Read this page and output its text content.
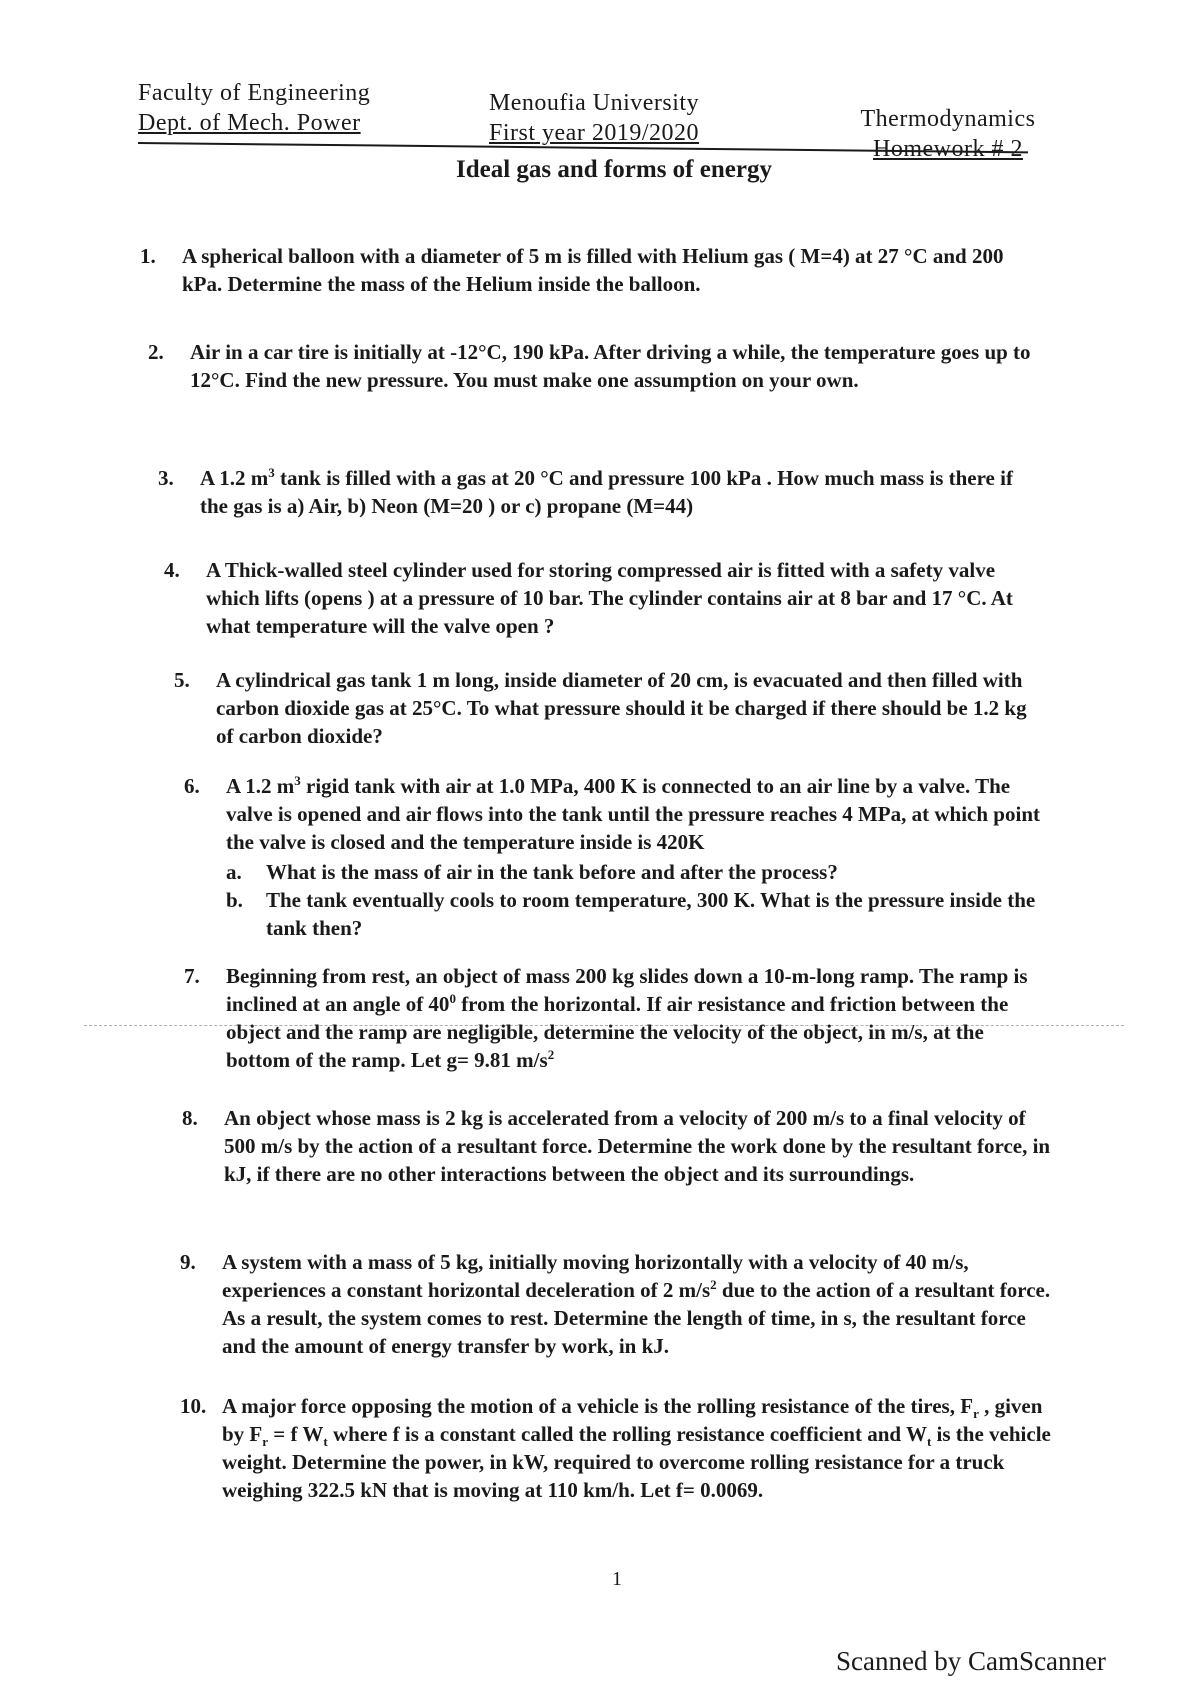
Faculty of Engineering
Dept. of Mech. Power
Menoufia University
First year 2019/2020
Thermodynamics
Homework # 2
Ideal gas and forms of energy
1. A spherical balloon with a diameter of 5 m is filled with Helium gas ( M=4) at 27 °C and 200 kPa. Determine the mass of the Helium inside the balloon.
2. Air in a car tire is initially at -12°C, 190 kPa. After driving a while, the temperature goes up to 12°C. Find the new pressure. You must make one assumption on your own.
3. A 1.2 $m^3$ tank is filled with a gas at 20 °C and pressure 100 kPa . How much mass is there if the gas is a) Air, b) Neon (M=20 ) or c) propane (M=44)
4. A Thick-walled steel cylinder used for storing compressed air is fitted with a safety valve which lifts (opens ) at a pressure of 10 bar. The cylinder contains air at 8 bar and 17 °C. At what temperature will the valve open ?
5. A cylindrical gas tank 1 m long, inside diameter of 20 cm, is evacuated and then filled with carbon dioxide gas at 25°C. To what pressure should it be charged if there should be 1.2 kg of carbon dioxide?
6. A 1.2 $m^3$ rigid tank with air at 1.0 MPa, 400 K is connected to an air line by a valve. The valve is opened and air flows into the tank until the pressure reaches 4 MPa, at which point the valve is closed and the temperature inside is 420K
a. What is the mass of air in the tank before and after the process?
b. The tank eventually cools to room temperature, 300 K. What is the pressure inside the tank then?
7. Beginning from rest, an object of mass 200 kg slides down a 10-m-long ramp. The ramp is inclined at an angle of $40^0$ from the horizontal. If air resistance and friction between the object and the ramp are negligible, determine the velocity of the object, in m/s, at the bottom of the ramp. Let g= 9.81 $m/s^2$
8. An object whose mass is 2 kg is accelerated from a velocity of 200 m/s to a final velocity of 500 m/s by the action of a resultant force. Determine the work done by the resultant force, in kJ, if there are no other interactions between the object and its surroundings.
9. A system with a mass of 5 kg, initially moving horizontally with a velocity of 40 m/s, experiences a constant horizontal deceleration of 2 $m/s^2$ due to the action of a resultant force. As a result, the system comes to rest. Determine the length of time, in s, the resultant force and the amount of energy transfer by work, in kJ.
10. A major force opposing the motion of a vehicle is the rolling resistance of the tires, $F_r$ , given by $F_r = f$ $W_t$ where f is a constant called the rolling resistance coefficient and $W_t$ is the vehicle weight. Determine the power, in kW, required to overcome rolling resistance for a truck weighing 322.5 kN that is moving at 110 km/h. Let f= 0.0069.
1
Scanned by CamScanner
